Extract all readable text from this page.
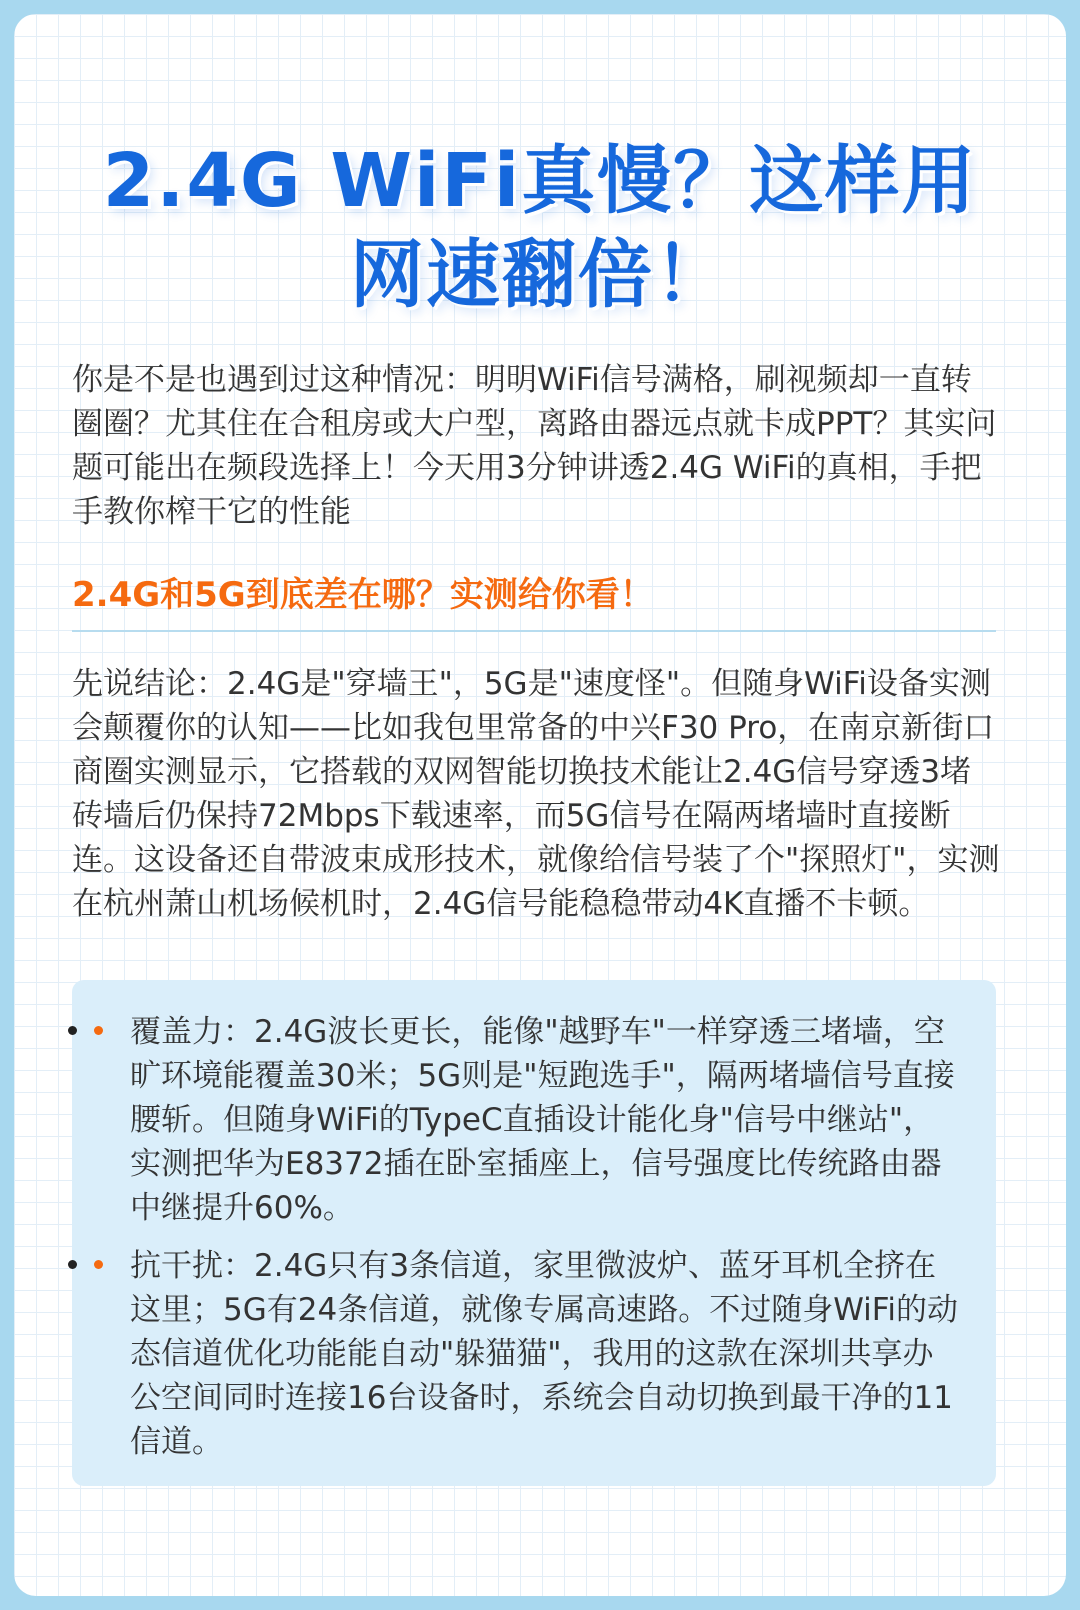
2.4G WiFi真慢？这样用
网速翻倍！

你是不是也遇到过这种情况：明明WiFi信号满格，刷视频却一直转圈圈？尤其住在合租房或大户型，离路由器远点就卡成PPT？其实问题可能出在频段选择上！今天用3分钟讲透2.4G WiFi的真相，手把手教你榨干它的性能

2.4G和5G到底差在哪？实测给你看！

先说结论：2.4G是"穿墙王"，5G是"速度怪"。但随身WiFi设备实测会颠覆你的认知——比如我包里常备的中兴F30 Pro，在南京新街口商圈实测显示，它搭载的双网智能切换技术能让2.4G信号穿透3堵砖墙后仍保持72Mbps下载速率，而5G信号在隔两堵墙时直接断连。这设备还自带波束成形技术，就像给信号装了个"探照灯"，实测在杭州萧山机场候机时，2.4G信号能稳稳带动4K直播不卡顿。

覆盖力：2.4G波长更长，能像"越野车"一样穿透三堵墙，空旷环境能覆盖30米；5G则是"短跑选手"，隔两堵墙信号直接腰斩。但随身WiFi的TypeC直插设计能化身"信号中继站"，实测把华为E8372插在卧室插座上，信号强度比传统路由器中继提升60%。

抗干扰：2.4G只有3条信道，家里微波炉、蓝牙耳机全挤在这里；5G有24条信道，就像专属高速路。不过随身WiFi的动态信道优化功能能自动"躲猫猫"，我用的这款在深圳共享办公空间同时连接16台设备时，系统会自动切换到最干净的11信道。
